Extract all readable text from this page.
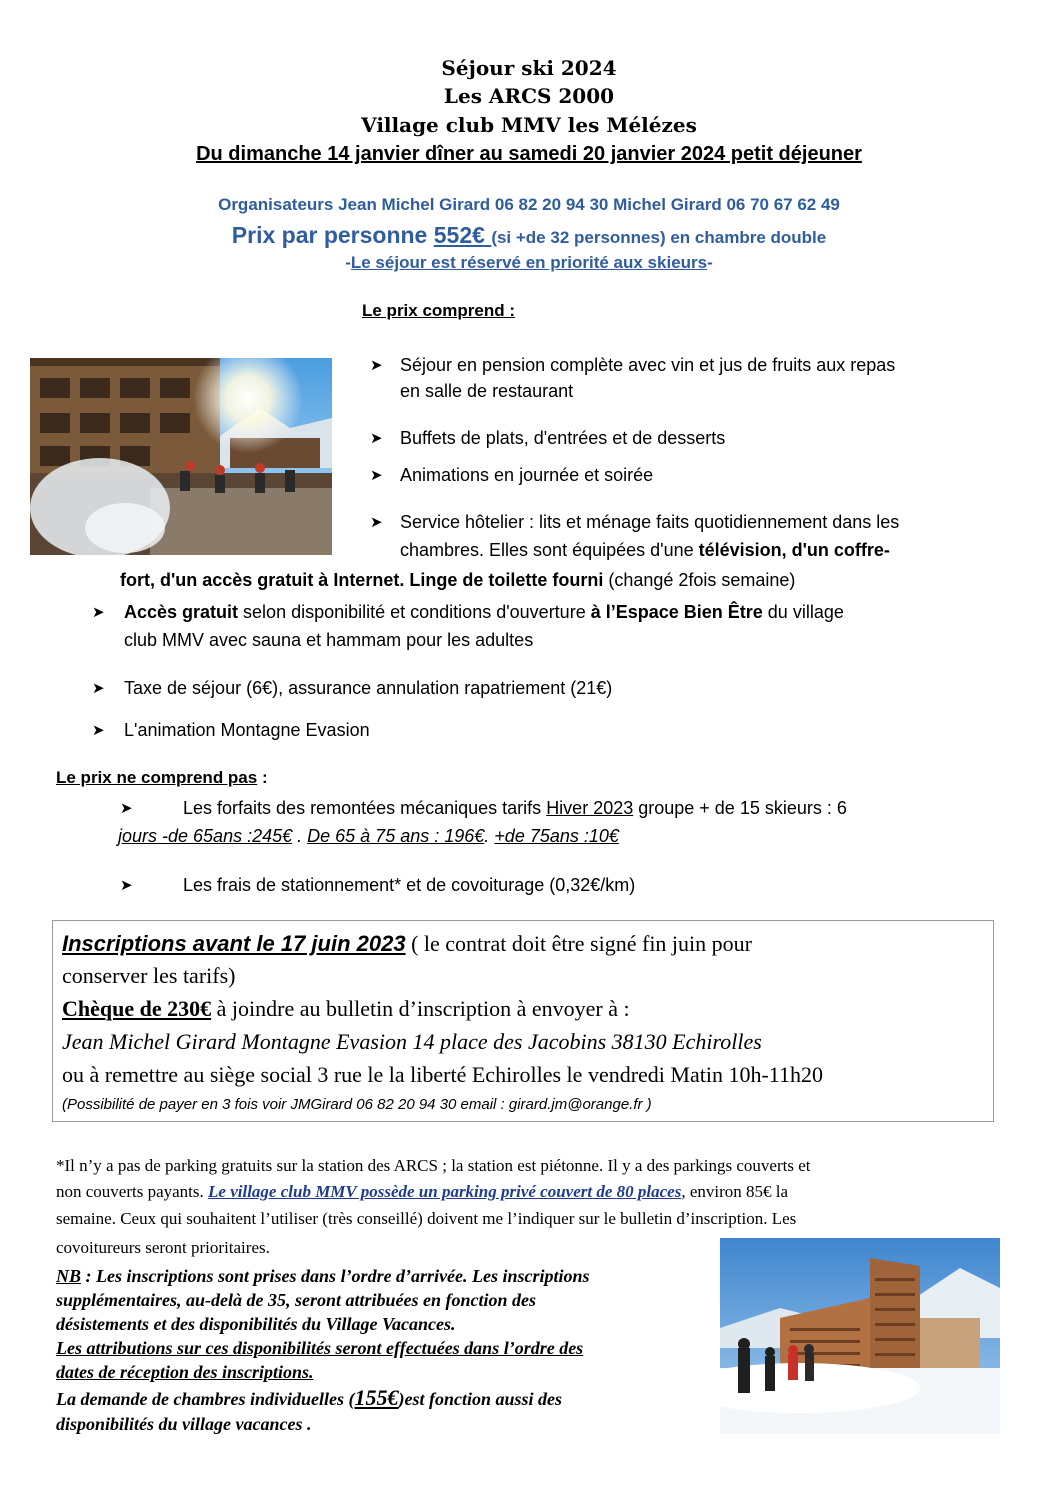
Séjour ski 2024
Les ARCS 2000
Village club MMV les Mélézes
Du dimanche 14 janvier dîner au samedi 20 janvier 2024 petit déjeuner
Organisateurs Jean Michel Girard 06 82 20 94 30 Michel Girard 06 70 67 62 49
Prix par personne 552€ (si +de 32 personnes) en chambre double
-Le séjour est réservé en priorité aux skieurs-
Le prix comprend :
➤ Séjour en pension complète avec vin et jus de fruits aux repas
en salle de restaurant
➤ Buffets de plats, d'entrées et de desserts
➤ Animations en journée et soirée
➤ Service hôtelier : lits et ménage faits quotidiennement dans les
chambres. Elles sont équipées d'une télévision, d'un coffre-
fort, d'un accès gratuit à Internet. Linge de toilette fourni (changé 2fois semaine)
➤ Accès gratuit selon disponibilité et conditions d'ouverture à l’Espace Bien Être du village
club MMV avec sauna et hammam pour les adultes
➤ Taxe de séjour (6€), assurance annulation rapatriement (21€)
➤ L'animation Montagne Evasion
Le prix ne comprend pas :
➤	Les forfaits des remontées mécaniques tarifs Hiver 2023 groupe + de 15 skieurs : 6
jours -de 65ans :245€ . De 65 à 75 ans : 196€. +de 75ans :10€
➤	Les frais de stationnement* et de covoiturage (0,32€/km)
Inscriptions avant le 17 juin 2023 ( le contrat doit être signé fin juin pour
conserver les tarifs)
Chèque de 230€ à joindre au bulletin d’inscription à envoyer à :
Jean Michel Girard Montagne Evasion 14 place des Jacobins 38130 Echirolles
ou à remettre au siège social 3 rue le la liberté Echirolles le vendredi Matin 10h-11h20
(Possibilité de payer en 3 fois voir JMGirard 06 82 20 94 30 email : girard.jm@orange.fr )
*Il n’y a pas de parking gratuits sur la station des ARCS ; la station est piétonne. Il y a des parkings couverts et
non couverts payants. Le village club MMV possède un parking privé couvert de 80 places, environ 85€ la
semaine. Ceux qui souhaitent l’utiliser (très conseillé) doivent me l’indiquer sur le bulletin d’inscription. Les
covoitureurs seront prioritaires.
NB : Les inscriptions sont prises dans l’ordre d’arrivée. Les inscriptions
supplémentaires, au-delà de 35, seront attribuées en fonction des
désistements et des disponibilités du Village Vacances.
Les attributions sur ces disponibilités seront effectuées dans l’ordre des
dates de réception des inscriptions.
La demande de chambres individuelles (155€)est fonction aussi des
disponibilités du village vacances .
